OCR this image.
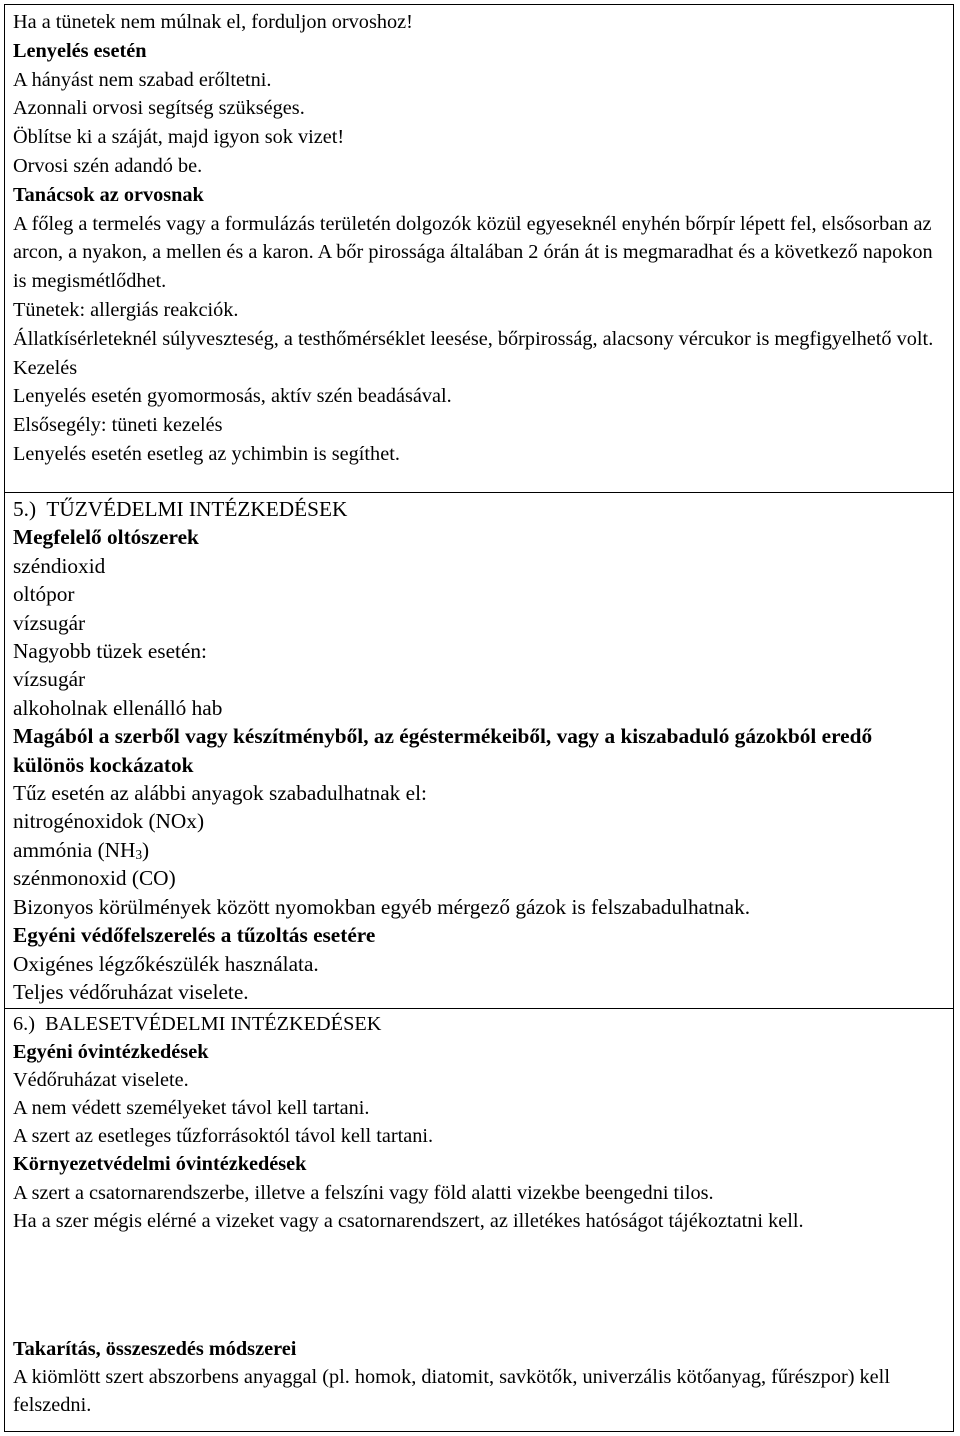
Ha a tünetek nem múlnak el, forduljon orvoshoz!
Lenyelés esetén
A hányást nem szabad erőltetni.
Azonnali orvosi segítség szükséges.
Öblítse ki a száját, majd igyon sok vizet!
Orvosi szén adandó be.
Tanácsok az orvosnak
A főleg a termelés vagy a formulázás területén dolgozók közül egyeseknél enyhén bőrpír lépett fel, elsősorban az arcon, a nyakon, a mellen és a karon. A bőr pirossága általában 2 órán át is megmaradhat és a következő napokon is megismétlődhet.
Tünetek: allergiás reakciók.
Állatkísérleteknél súlyveszteség, a testhőmérséklet leesése, bőrpirosság, alacsony vércukor is megfigyelhető volt.
Kezelés
Lenyelés esetén gyomormosás, aktív szén beadásával.
Elsősegély: tüneti kezelés
Lenyelés esetén esetleg az ychimbin is segíthet.
5.)  TŰZVÉDELMI INTÉZKEDÉSEK
Megfelelő oltószerek
széndioxid
oltópor
vízsugár
Nagyobb tüzek esetén:
vízsugár
alkoholnak ellenálló hab
Magából a szerből vagy készítményből, az égéstermékeiből, vagy a kiszabaduló gázokból eredő különös kockázatok
Tűz esetén az alábbi anyagok szabadulhatnak el:
nitrogénoxidok (NOx)
ammónia $(NH_3)$
szénmonoxid (CO)
Bizonyos körülmények között nyomokban egyéb mérgező gázok is felszabadulhatnak.
Egyéni védőfelszerelés a tűzoltás esetére
Oxigénes légzőkészülék használata.
Teljes védőruházat viselete.
6.)  BALESETVÉDELMI INTÉZKEDÉSEK
Egyéni óvintézkedések
Védőruházat viselete.
A nem védett személyeket távol kell tartani.
A szert az esetleges tűzforrásoktól távol kell tartani.
Környezetvédelmi óvintézkedések
A szert a csatornarendszerbe, illetve a felszíni vagy föld alatti vizekbe beengedni tilos.
Ha a szer mégis elérné a vizeket vagy a csatornarendszert, az illetékes hatóságot tájékoztatni kell.
Takarítás, összeszedés módszerei
A kiömlött szert abszorbens anyaggal (pl. homok, diatomit, savkötők, univerzális kötőanyag, fűrészpor) kell felszedni.
